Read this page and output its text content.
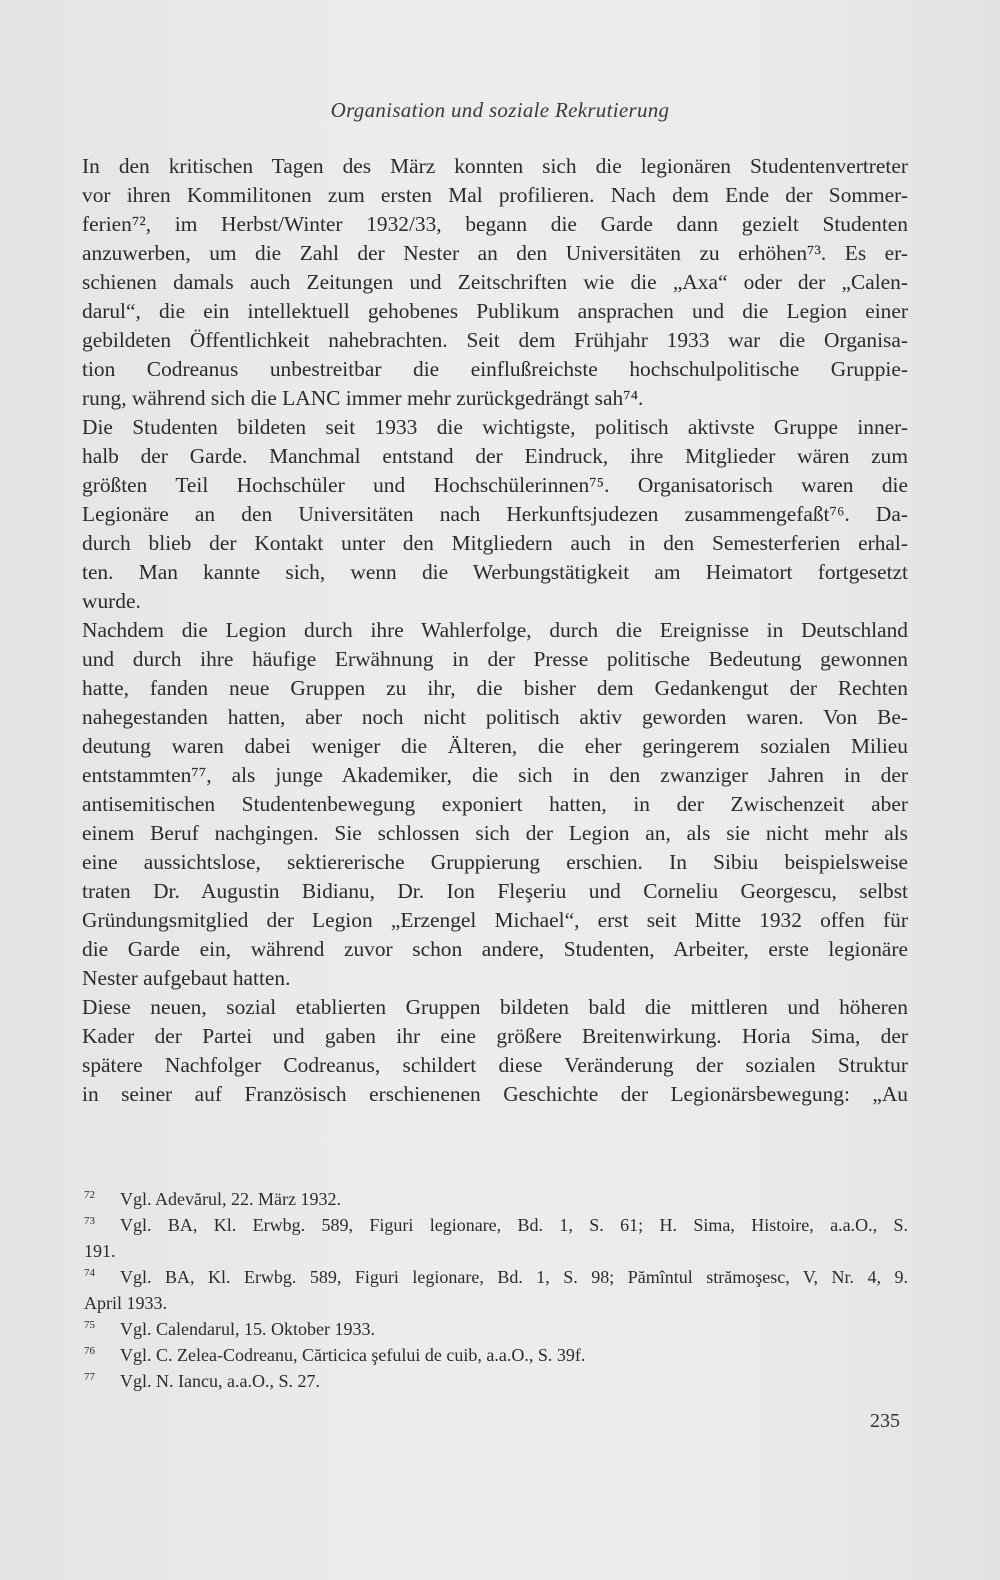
Organisation und soziale Rekrutierung
In den kritischen Tagen des März konnten sich die legionären Studentenvertreter
vor ihren Kommilitonen zum ersten Mal profilieren. Nach dem Ende der Sommer-
ferien⁷², im Herbst/Winter 1932/33, begann die Garde dann gezielt Studenten
anzuwerben, um die Zahl der Nester an den Universitäten zu erhöhen⁷³. Es er-
schienen damals auch Zeitungen und Zeitschriften wie die „Axa“ oder der „Calen-
darul“, die ein intellektuell gehobenes Publikum ansprachen und die Legion einer
gebildeten Öffentlichkeit nahebrachten. Seit dem Frühjahr 1933 war die Organisa-
tion Codreanus unbestreitbar die einflußreichste hochschulpolitische Gruppie-
rung, während sich die LANC immer mehr zurückgedrängt sah⁷⁴.
Die Studenten bildeten seit 1933 die wichtigste, politisch aktivste Gruppe inner-
halb der Garde. Manchmal entstand der Eindruck, ihre Mitglieder wären zum
größten Teil Hochschüler und Hochschülerinnen⁷⁵. Organisatorisch waren die
Legionäre an den Universitäten nach Herkunftsjudezen zusammengefaßt⁷⁶. Da-
durch blieb der Kontakt unter den Mitgliedern auch in den Semesterferien erhal-
ten. Man kannte sich, wenn die Werbungstätigkeit am Heimatort fortgesetzt
wurde.
Nachdem die Legion durch ihre Wahlerfolge, durch die Ereignisse in Deutschland
und durch ihre häufige Erwähnung in der Presse politische Bedeutung gewonnen
hatte, fanden neue Gruppen zu ihr, die bisher dem Gedankengut der Rechten
nahegestanden hatten, aber noch nicht politisch aktiv geworden waren. Von Be-
deutung waren dabei weniger die Älteren, die eher geringerem sozialen Milieu
entstammten⁷⁷, als junge Akademiker, die sich in den zwanziger Jahren in der
antisemitischen Studentenbewegung exponiert hatten, in der Zwischenzeit aber
einem Beruf nachgingen. Sie schlossen sich der Legion an, als sie nicht mehr als
eine aussichtslose, sektiererische Gruppierung erschien. In Sibiu beispielsweise
traten Dr. Augustin Bidianu, Dr. Ion Fleşeriu und Corneliu Georgescu, selbst
Gründungsmitglied der Legion „Erzengel Michael“, erst seit Mitte 1932 offen für
die Garde ein, während zuvor schon andere, Studenten, Arbeiter, erste legionäre
Nester aufgebaut hatten.
Diese neuen, sozial etablierten Gruppen bildeten bald die mittleren und höheren
Kader der Partei und gaben ihr eine größere Breitenwirkung. Horia Sima, der
spätere Nachfolger Codreanus, schildert diese Veränderung der sozialen Struktur
in seiner auf Französisch erschienenen Geschichte der Legionärsbewegung: „Au
72 Vgl. Adevărul, 22. März 1932.
73 Vgl. BA, Kl. Erwbg. 589, Figuri legionare, Bd. 1, S. 61; H. Sima, Histoire, a.a.O., S.
191.
74 Vgl. BA, Kl. Erwbg. 589, Figuri legionare, Bd. 1, S. 98; Pămîntul strămoşesc, V, Nr. 4, 9.
April 1933.
75 Vgl. Calendarul, 15. Oktober 1933.
76 Vgl. C. Zelea-Codreanu, Cărticica şefului de cuib, a.a.O., S. 39f.
77 Vgl. N. Iancu, a.a.O., S. 27.
235
